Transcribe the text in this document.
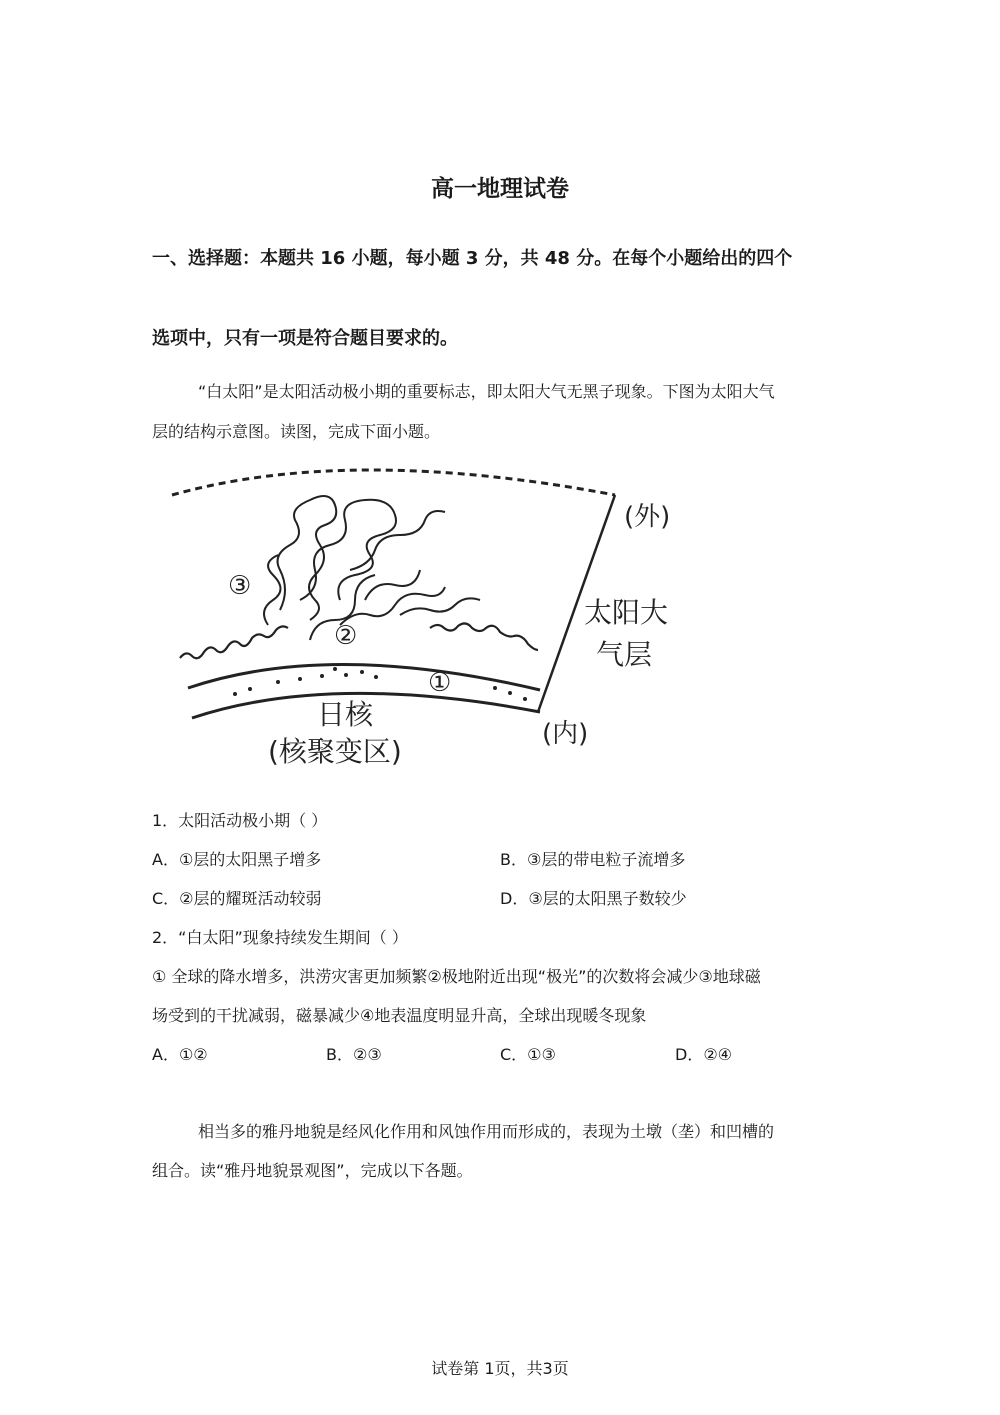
高一地理试卷
一、选择题：本题共 16 小题，每小题 3 分，共 48 分。在每个小题给出的四个
选项中，只有一项是符合题目要求的。
“白太阳”是太阳活动极小期的重要标志，即太阳大气无黑子现象。下图为太阳大气
层的结构示意图。读图，完成下面小题。
③
②
①
(外)
太阳大
气层
(内)
日核
(核聚变区)
1．太阳活动极小期（ ）
A．①层的太阳黑子增多	B．③层的带电粒子流增多
C．②层的耀斑活动较弱	D．③层的太阳黑子数较少
2．“白太阳”现象持续发生期间（ ）
① 全球的降水增多，洪涝灾害更加频繁②极地附近出现“极光”的次数将会减少③地球磁
场受到的干扰减弱，磁暴减少④地表温度明显升高，全球出现暖冬现象
A．①②	B．②③	C．①③	D．②④
相当多的雅丹地貌是经风化作用和风蚀作用而形成的，表现为土墩（垄）和凹槽的
组合。读“雅丹地貌景观图”，完成以下各题。
试卷第 1页，共3页
